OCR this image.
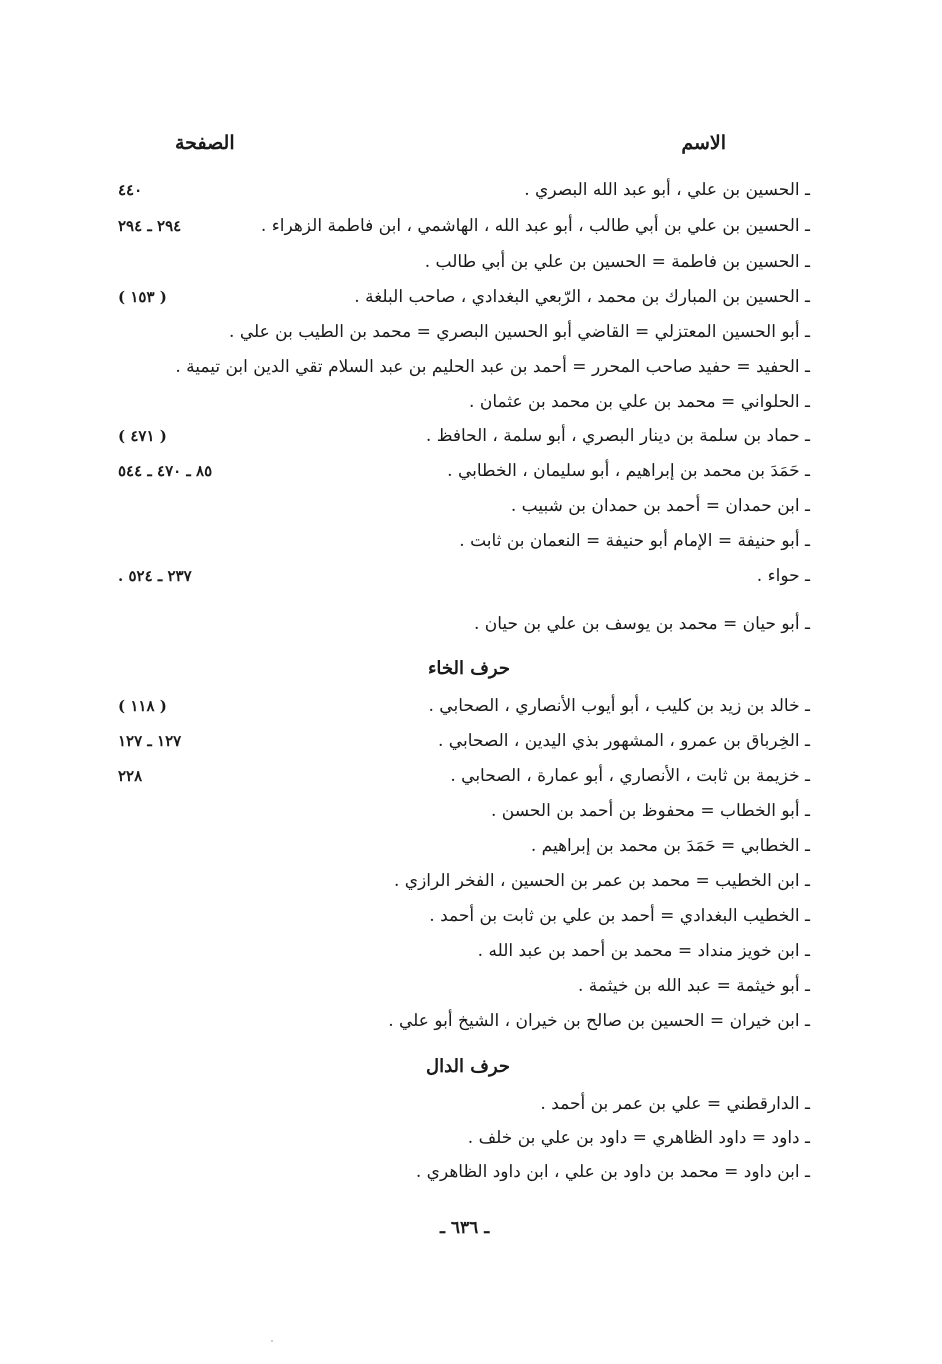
الاسم
الصفحة
ـ الحسين بن علي ، أبو عبد الله البصري .
٤٤٠
ـ الحسين بن علي بن أبي طالب ، أبو عبد الله ، الهاشمي ، ابن فاطمة الزهراء .
٢٩٤ ـ ٢٩٤
ـ الحسين بن فاطمة = الحسين بن علي بن أبي طالب .
ـ الحسين بن المبارك بن محمد ، الرّبعي البغدادي ، صاحب البلغة .
( ١٥٣ )
ـ أبو الحسين المعتزلي = القاضي أبو الحسين البصري = محمد بن الطيب بن علي .
ـ الحفيد = حفيد صاحب المحرر = أحمد بن عبد الحليم بن عبد السلام تقي الدين ابن تيمية .
ـ الحلواني = محمد بن علي بن محمد بن عثمان .
ـ حماد بن سلمة بن دينار البصري ، أبو سلمة ، الحافظ .
( ٤٧١ )
ـ حَمَدَ بن محمد بن إبراهيم ، أبو سليمان ، الخطابي .
٨٥ ـ ٤٧٠ ـ ٥٤٤
ـ ابن حمدان = أحمد بن حمدان بن شبيب .
ـ أبو حنيفة = الإمام أبو حنيفة = النعمان بن ثابت .
ـ حواء .
٢٣٧ ـ ٥٢٤ .
ـ أبو حيان = محمد بن يوسف بن علي بن حيان .
حرف الخاء
ـ خالد بن زيد بن كليب ، أبو أيوب الأنصاري ، الصحابي .
( ١١٨ )
ـ الخِرباق بن عمرو ، المشهور بذي اليدين ، الصحابي .
١٢٧ ـ ١٢٧
ـ خزيمة بن ثابت ، الأنصاري ، أبو عمارة ، الصحابي .
٢٢٨
ـ أبو الخطاب = محفوظ بن أحمد بن الحسن .
ـ الخطابي = حَمَدَ بن محمد بن إبراهيم .
ـ ابن الخطيب = محمد بن عمر بن الحسين ، الفخر الرازي .
ـ الخطيب البغدادي = أحمد بن علي بن ثابت بن أحمد .
ـ ابن خويز منداد = محمد بن أحمد بن عبد الله .
ـ أبو خيثمة = عبد الله بن خيثمة .
ـ ابن خيران = الحسين بن صالح بن خيران ، الشيخ أبو علي .
حرف الدال
ـ الدارقطني = علي بن عمر بن أحمد .
ـ داود = داود الظاهري = داود بن علي بن خلف .
ـ ابن داود = محمد بن داود بن علي ، ابن داود الظاهري .
ـ ٦٣٦ ـ
